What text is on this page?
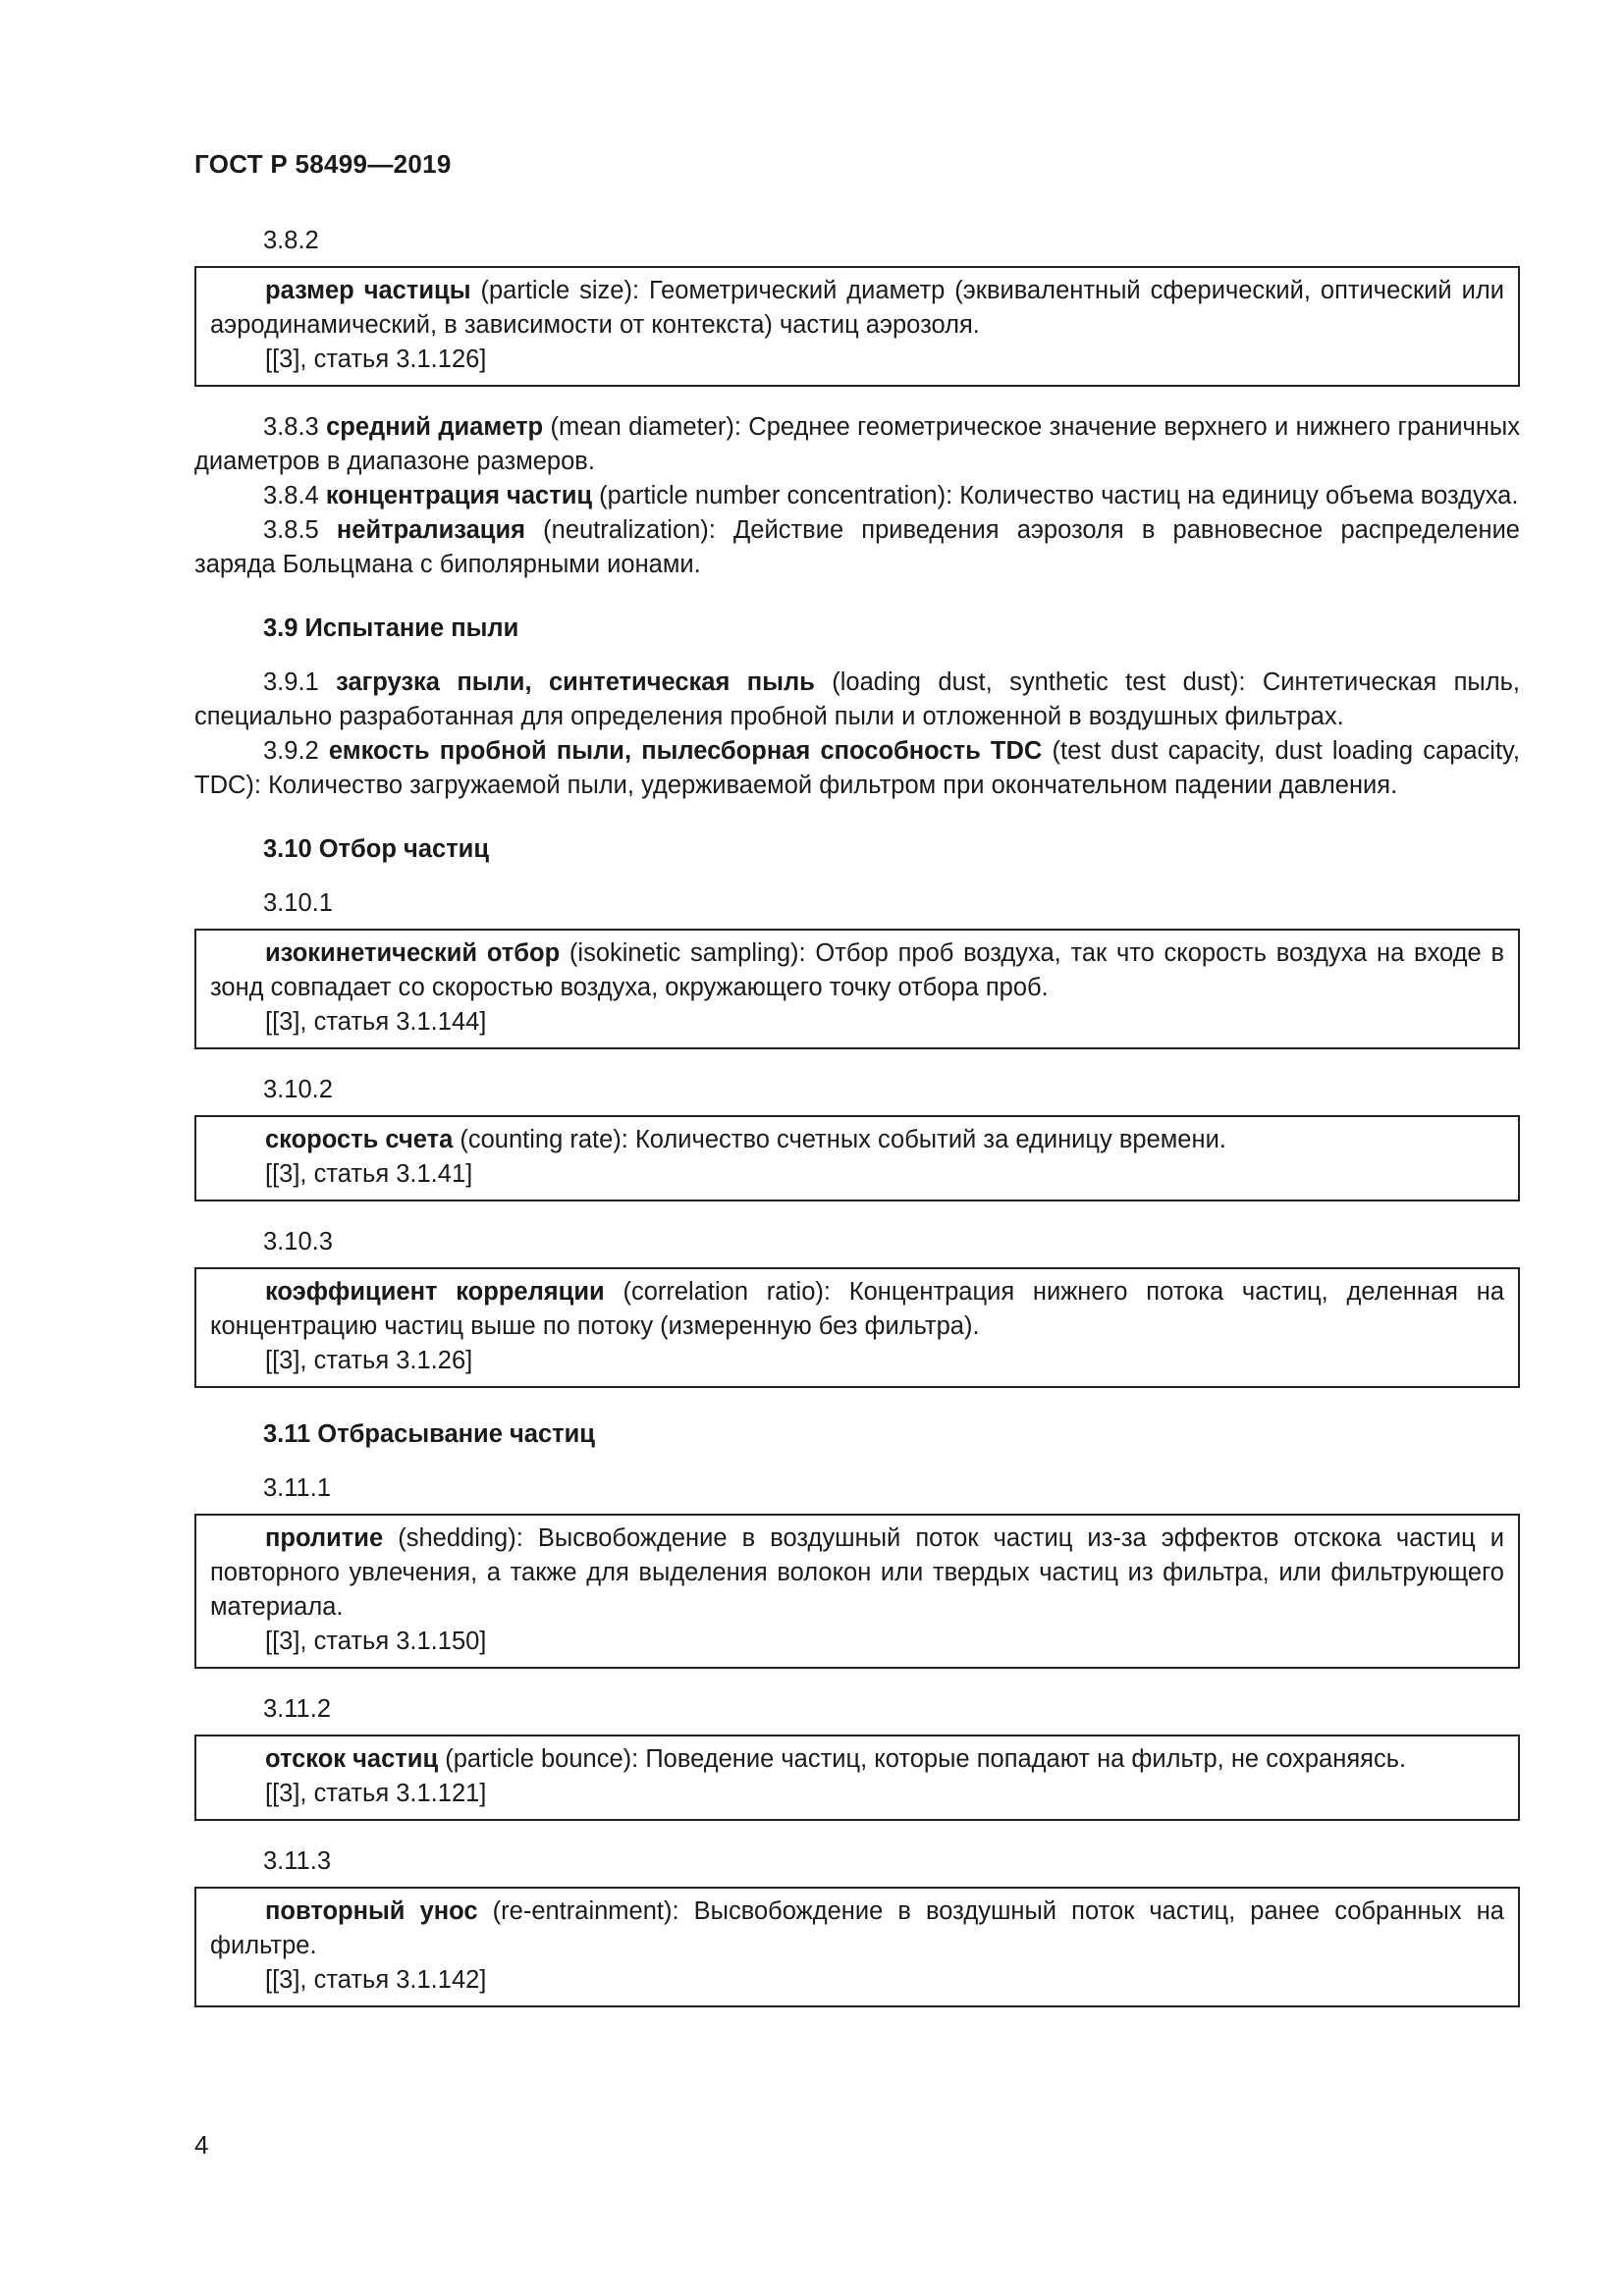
ГОСТ Р 58499—2019

3.8.2

размер частицы (particle size): Геометрический диаметр (эквивалентный сферический, оптический или аэродинамический, в зависимости от контекста) частиц аэрозоля.

[[3], статья 3.1.126]

3.8.3 средний диаметр (mean diameter): Среднее геометрическое значение верхнего и нижнего граничных диаметров в диапазоне размеров.

3.8.4 концентрация частиц (particle number concentration): Количество частиц на единицу объема воздуха.

3.8.5 нейтрализация (neutralization): Действие приведения аэрозоля в равновесное распределение заряда Больцмана с биполярными ионами.

3.9 Испытание пыли

3.9.1 загрузка пыли, синтетическая пыль (loading dust, synthetic test dust): Синтетическая пыль, специально разработанная для определения пробной пыли и отложенной в воздушных фильтрах.

3.9.2 емкость пробной пыли, пылесборная способность TDC (test dust capacity, dust loading capacity, TDC): Количество загружаемой пыли, удерживаемой фильтром при окончательном падении давления.

3.10 Отбор частиц

3.10.1

изокинетический отбор (isokinetic sampling): Отбор проб воздуха, так что скорость воздуха на входе в зонд совпадает со скоростью воздуха, окружающего точку отбора проб.

[[3], статья 3.1.144]

3.10.2

скорость счета (counting rate): Количество счетных событий за единицу времени.

[[3], статья 3.1.41]

3.10.3

коэффициент корреляции (correlation ratio): Концентрация нижнего потока частиц, деленная на концентрацию частиц выше по потоку (измеренную без фильтра).

[[3], статья 3.1.26]

3.11 Отбрасывание частиц

3.11.1

пролитие (shedding): Высвобождение в воздушный поток частиц из-за эффектов отскока частиц и повторного увлечения, а также для выделения волокон или твердых частиц из фильтра, или фильтрующего материала.

[[3], статья 3.1.150]

3.11.2

отскок частиц (particle bounce): Поведение частиц, которые попадают на фильтр, не сохраняясь.

[[3], статья 3.1.121]

3.11.3

повторный унос (re-entrainment): Высвобождение в воздушный поток частиц, ранее собранных на фильтре.

[[3], статья 3.1.142]

4
